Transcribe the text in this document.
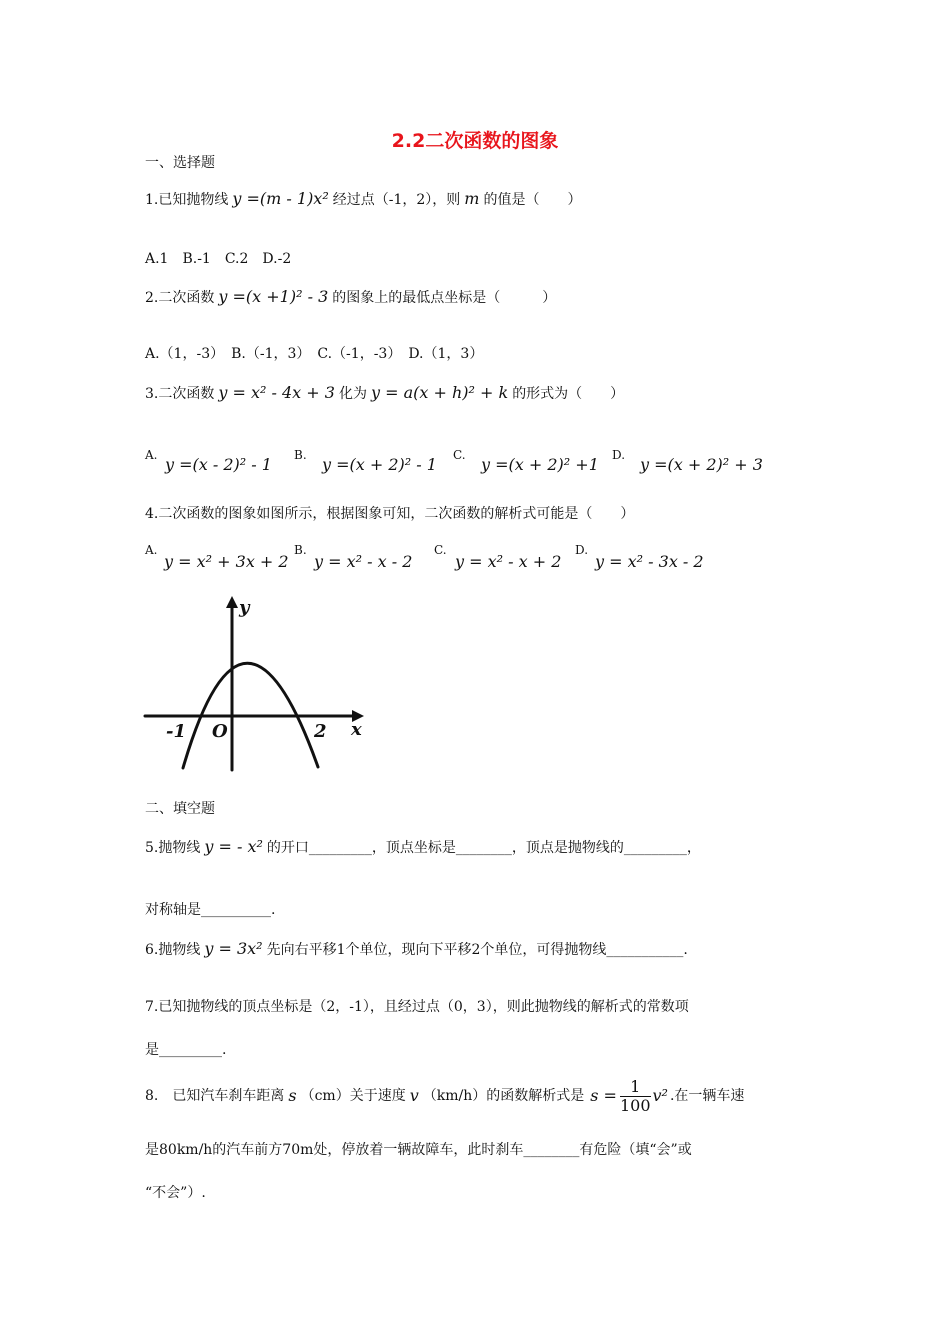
2.2二次函数的图象
一、选择题
1.已知抛物线 y =(m - 1)x² 经过点（-1，2），则 m 的值是（　　）
A.1　B.-1　C.2　D.-2
2.二次函数 y =(x +1)² - 3 的图象上的最低点坐标是（　　　）
A.（1，-3）　B.（-1，3）　C.（-1，-3）　D.（1，3）
3.二次函数 y = x² - 4x + 3 化为 y = a(x + h)² + k 的形式为（　　）
A. y =(x - 2)² - 1 B. y =(x + 2)² - 1 C. y =(x + 2)² +1 D. y =(x + 2)² + 3
4.二次函数的图象如图所示，根据图象可知，二次函数的解析式可能是（　　）
A.
y = x² + 3x + 2
B.
y = x² - x - 2
C.
y = x² - x + 2
D.
y = x² - 3x - 2
y
x
O
-1	2
二、填空题
5.抛物线 y = - x² 的开口_________，顶点坐标是________，顶点是抛物线的_________，
对称轴是__________.
6.抛物线 y = 3x² 先向右平移1个单位，现向下平移2个单位，可得抛物线___________.
7.已知抛物线的顶点坐标是（2，-1），且经过点（0，3），则此抛物线的解析式的常数项
是_________.
8.　已知汽车刹车距离 s （cm）关于速度 v （km/h）的函数解析式是 $s = \frac{1}{100} v^2$ .在一辆车速
是80km/h的汽车前方70m处，停放着一辆故障车，此时刹车________有危险（填“会”或
“不会”）.
